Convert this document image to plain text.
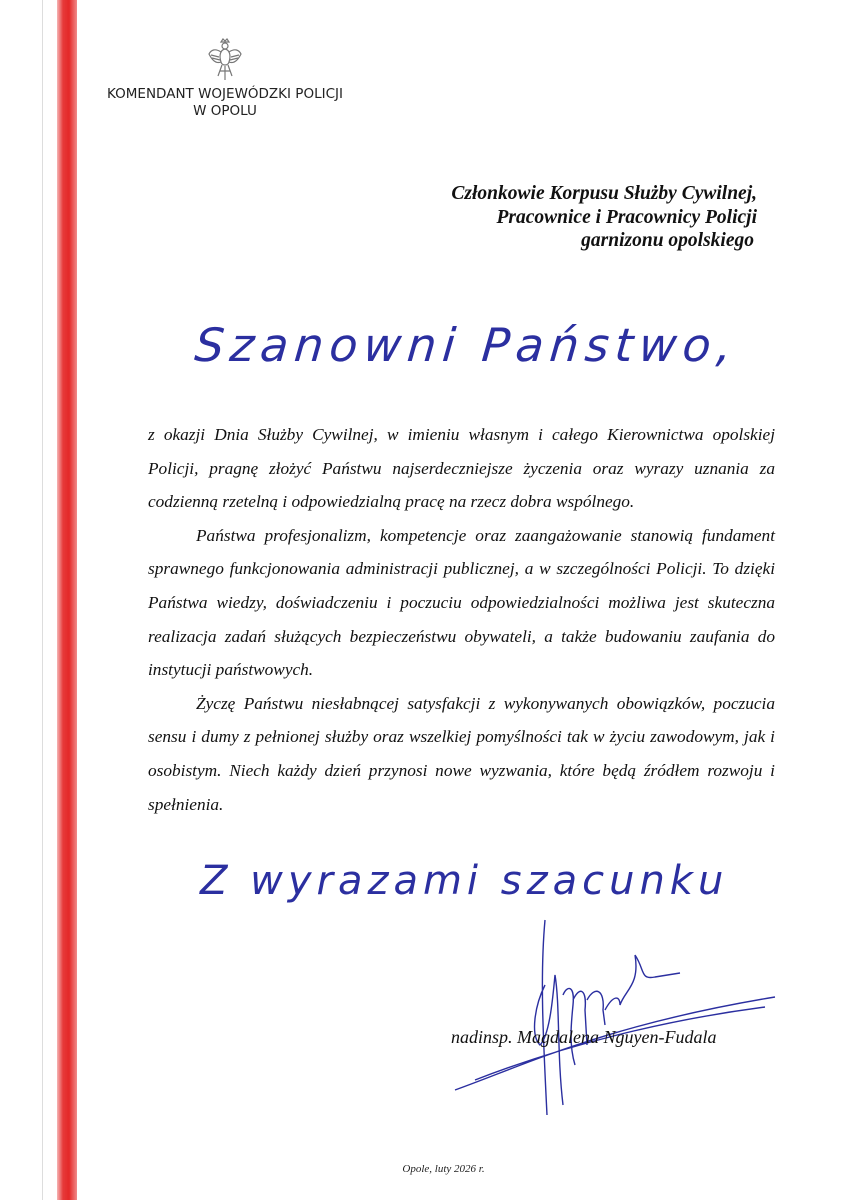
KOMENDANT WOJEWÓDZKI POLICJI
W OPOLU
Członkowie Korpusu Służby Cywilnej,
Pracownice i Pracownicy Policji
garnizonu opolskiego
Szanowni Państwo,

z okazji Dnia Służby Cywilnej, w imieniu własnym i całego Kierownictwa opolskiej Policji, pragnę złożyć Państwu najserdeczniejsze życzenia oraz wyrazy uznania za codzienną rzetelną i odpowiedzialną pracę na rzecz dobra wspólnego.

Państwa profesjonalizm, kompetencje oraz zaangażowanie stanowią fundament sprawnego funkcjonowania administracji publicznej, a w szczególności Policji. To dzięki Państwa wiedzy, doświadczeniu i poczuciu odpowiedzialności możliwa jest skuteczna realizacja zadań służących bezpieczeństwu obywateli, a także budowaniu zaufania do instytucji państwowych.

Życzę Państwu niesłabnącej satysfakcji z wykonywanych obowiązków, poczucia sensu i dumy z pełnionej służby oraz wszelkiej pomyślności tak w życiu zawodowym, jak i osobistym. Niech każdy dzień przynosi nowe wyzwania, które będą źródłem rozwoju i spełnienia.

Z wyrazami szacunku
nadinsp. Magdalena Nguyen-Fudala
Opole, luty 2026 r.
